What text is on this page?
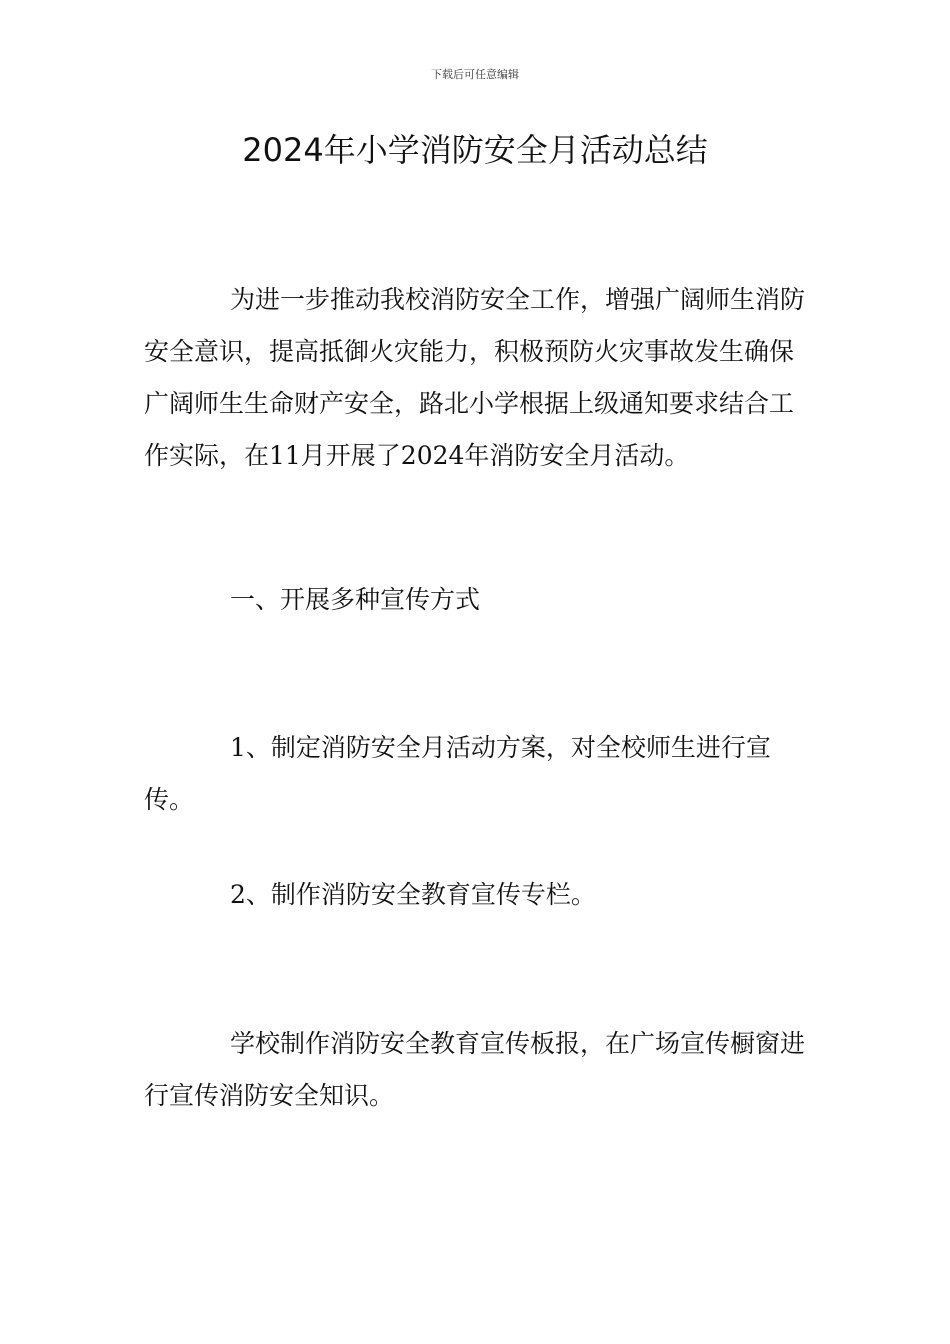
下载后可任意编辑
2024年小学消防安全月活动总结

为进一步推动我校消防安全工作，增强广阔师生消防安全意识，提高抵御火灾能力，积极预防火灾事故发生确保广阔师生生命财产安全，路北小学根据上级通知要求结合工作实际，在11月开展了2024年消防安全月活动。

一、开展多种宣传方式

1、制定消防安全月活动方案，对全校师生进行宣传。

2、制作消防安全教育宣传专栏。

学校制作消防安全教育宣传板报，在广场宣传橱窗进行宣传消防安全知识。
